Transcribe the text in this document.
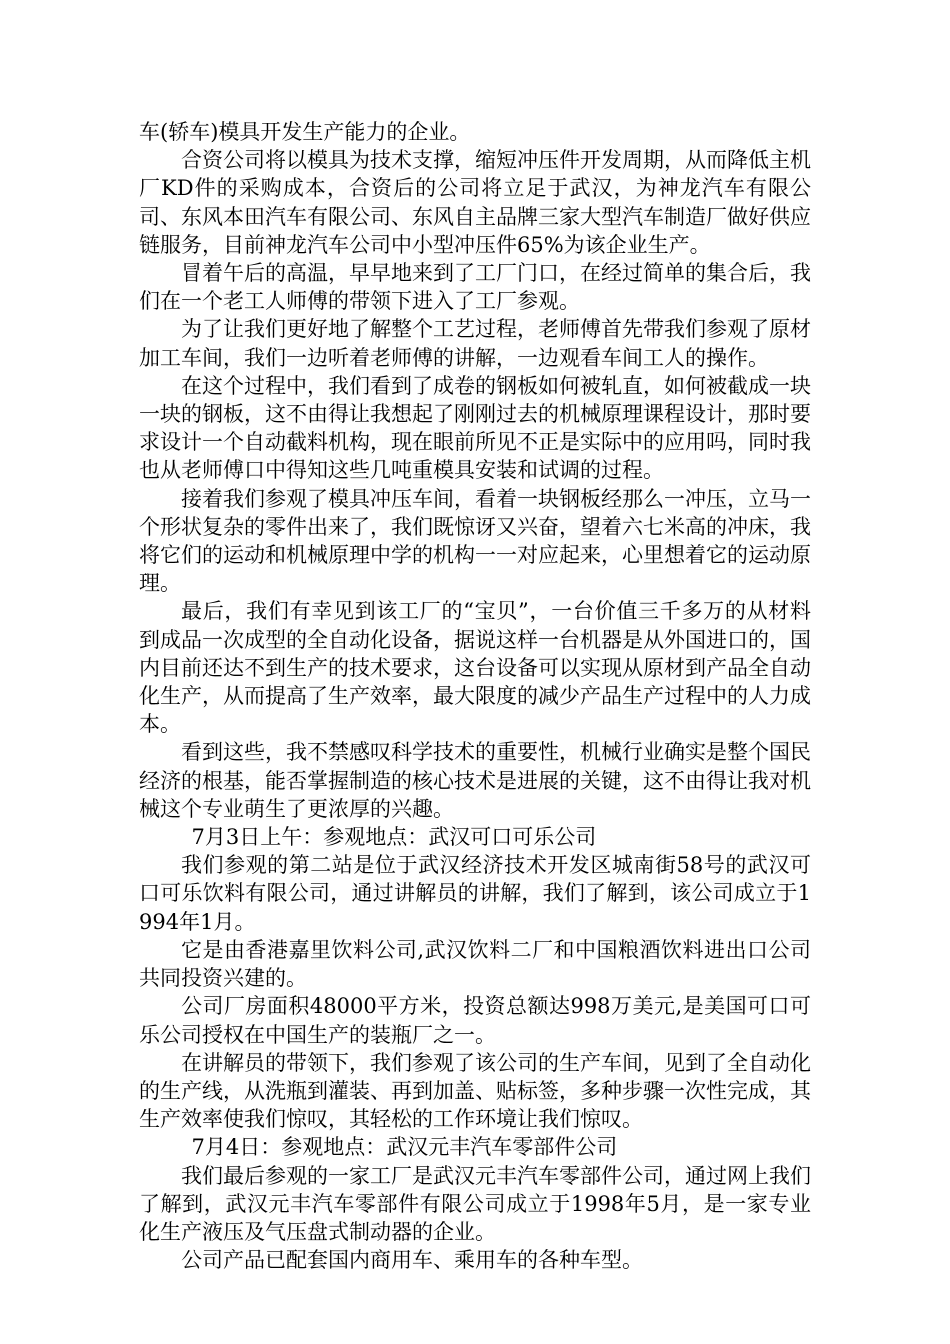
车(轿车)模具开发生产能力的企业。

合资公司将以模具为技术支撑，缩短冲压件开发周期，从而降低主机厂KD件的采购成本，合资后的公司将立足于武汉，为神龙汽车有限公司、东风本田汽车有限公司、东风自主品牌三家大型汽车制造厂做好供应链服务，目前神龙汽车公司中小型冲压件65%为该企业生产。

冒着午后的高温，早早地来到了工厂门口，在经过简单的集合后，我们在一个老工人师傅的带领下进入了工厂参观。

为了让我们更好地了解整个工艺过程，老师傅首先带我们参观了原材加工车间，我们一边听着老师傅的讲解，一边观看车间工人的操作。

在这个过程中，我们看到了成卷的钢板如何被轧直，如何被截成一块一块的钢板，这不由得让我想起了刚刚过去的机械原理课程设计，那时要求设计一个自动截料机构，现在眼前所见不正是实际中的应用吗，同时我也从老师傅口中得知这些几吨重模具安装和试调的过程。

接着我们参观了模具冲压车间，看着一块钢板经那么一冲压，立马一个形状复杂的零件出来了，我们既惊讶又兴奋，望着六七米高的冲床，我将它们的运动和机械原理中学的机构一一对应起来，心里想着它的运动原理。

最后，我们有幸见到该工厂的“宝贝”，一台价值三千多万的从材料到成品一次成型的全自动化设备，据说这样一台机器是从外国进口的，国内目前还达不到生产的技术要求，这台设备可以实现从原材到产品全自动化生产，从而提高了生产效率，最大限度的减少产品生产过程中的人力成本。

看到这些，我不禁感叹科学技术的重要性，机械行业确实是整个国民经济的根基，能否掌握制造的核心技术是进展的关键，这不由得让我对机械这个专业萌生了更浓厚的兴趣。

7月3日上午：参观地点：武汉可口可乐公司

我们参观的第二站是位于武汉经济技术开发区城南街58号的武汉可口可乐饮料有限公司，通过讲解员的讲解，我们了解到，该公司成立于1994年1月。

它是由香港嘉里饮料公司,武汉饮料二厂和中国粮酒饮料进出口公司共同投资兴建的。

公司厂房面积48000平方米，投资总额达998万美元,是美国可口可乐公司授权在中国生产的装瓶厂之一。

在讲解员的带领下，我们参观了该公司的生产车间，见到了全自动化的生产线，从洗瓶到灌装、再到加盖、贴标签，多种步骤一次性完成，其生产效率使我们惊叹，其轻松的工作环境让我们惊叹。

7月4日：参观地点：武汉元丰汽车零部件公司

我们最后参观的一家工厂是武汉元丰汽车零部件公司，通过网上我们了解到，武汉元丰汽车零部件有限公司成立于1998年5月，是一家专业化生产液压及气压盘式制动器的企业。

公司产品已配套国内商用车、乘用车的各种车型。
